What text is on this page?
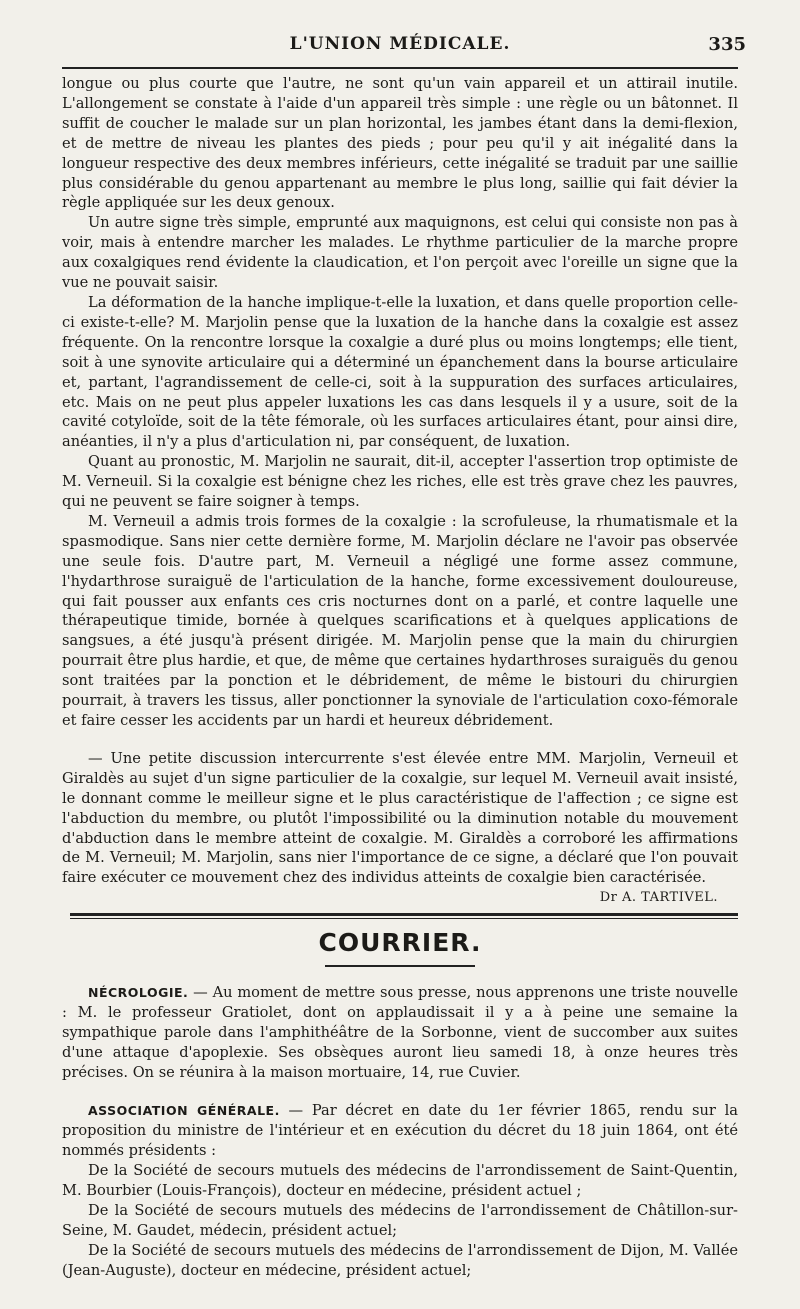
L'UNION MÉDICALE.	335

longue ou plus courte que l'autre, ne sont qu'un vain appareil et un attirail inutile. L'allongement se constate à l'aide d'un appareil très simple : une règle ou un bâtonnet. Il suffit de coucher le malade sur un plan horizontal, les jambes étant dans la demi-flexion, et de mettre de niveau les plantes des pieds ; pour peu qu'il y ait inégalité dans la longueur respective des deux membres inférieurs, cette inégalité se traduit par une saillie plus considérable du genou appartenant au membre le plus long, saillie qui fait dévier la règle appliquée sur les deux genoux.

Un autre signe très simple, emprunté aux maquignons, est celui qui consiste non pas à voir, mais à entendre marcher les malades. Le rhythme particulier de la marche propre aux coxalgiques rend évidente la claudication, et l'on perçoit avec l'oreille un signe que la vue ne pouvait saisir.

La déformation de la hanche implique-t-elle la luxation, et dans quelle proportion celle-ci existe-t-elle? M. Marjolin pense que la luxation de la hanche dans la coxalgie est assez fréquente. On la rencontre lorsque la coxalgie a duré plus ou moins longtemps; elle tient, soit à une synovite articulaire qui a déterminé un épanchement dans la bourse articulaire et, partant, l'agrandissement de celle-ci, soit à la suppuration des surfaces articulaires, etc. Mais on ne peut plus appeler luxations les cas dans lesquels il y a usure, soit de la cavité cotyloïde, soit de la tête fémorale, où les surfaces articulaires étant, pour ainsi dire, anéanties, il n'y a plus d'articulation ni, par conséquent, de luxation.

Quant au pronostic, M. Marjolin ne saurait, dit-il, accepter l'assertion trop optimiste de M. Verneuil. Si la coxalgie est bénigne chez les riches, elle est très grave chez les pauvres, qui ne peuvent se faire soigner à temps.

M. Verneuil a admis trois formes de la coxalgie : la scrofuleuse, la rhumatismale et la spasmodique. Sans nier cette dernière forme, M. Marjolin déclare ne l'avoir pas observée une seule fois. D'autre part, M. Verneuil a négligé une forme assez commune, l'hydarthrose suraiguë de l'articulation de la hanche, forme excessivement douloureuse, qui fait pousser aux enfants ces cris nocturnes dont on a parlé, et contre laquelle une thérapeutique timide, bornée à quelques scarifications et à quelques applications de sangsues, a été jusqu'à présent dirigée. M. Marjolin pense que la main du chirurgien pourrait être plus hardie, et que, de même que certaines hydarthroses suraiguës du genou sont traitées par la ponction et le débridement, de même le bistouri du chirurgien pourrait, à travers les tissus, aller ponctionner la synoviale de l'articulation coxo-fémorale et faire cesser les accidents par un hardi et heureux débridement.

— Une petite discussion intercurrente s'est élevée entre MM. Marjolin, Verneuil et Giraldès au sujet d'un signe particulier de la coxalgie, sur lequel M. Verneuil avait insisté, le donnant comme le meilleur signe et le plus caractéristique de l'affection ; ce signe est l'abduction du membre, ou plutôt l'impossibilité ou la diminution notable du mouvement d'abduction dans le membre atteint de coxalgie. M. Giraldès a corroboré les affirmations de M. Verneuil; M. Marjolin, sans nier l'importance de ce signe, a déclaré que l'on pouvait faire exécuter ce mouvement chez des individus atteints de coxalgie bien caractérisée.

Dr A. TARTIVEL.

COURRIER.

NÉCROLOGIE. — Au moment de mettre sous presse, nous apprenons une triste nouvelle : M. le professeur Gratiolet, dont on applaudissait il y a à peine une semaine la sympathique parole dans l'amphithéâtre de la Sorbonne, vient de succomber aux suites d'une attaque d'apoplexie. Ses obsèques auront lieu samedi 18, à onze heures très précises. On se réunira à la maison mortuaire, 14, rue Cuvier.

ASSOCIATION GÉNÉRALE. — Par décret en date du 1er février 1865, rendu sur la proposition du ministre de l'intérieur et en exécution du décret du 18 juin 1864, ont été nommés présidents :

De la Société de secours mutuels des médecins de l'arrondissement de Saint-Quentin, M. Bourbier (Louis-François), docteur en médecine, président actuel ;

De la Société de secours mutuels des médecins de l'arrondissement de Châtillon-sur-Seine, M. Gaudet, médecin, président actuel;

De la Société de secours mutuels des médecins de l'arrondissement de Dijon, M. Vallée (Jean-Auguste), docteur en médecine, président actuel;
